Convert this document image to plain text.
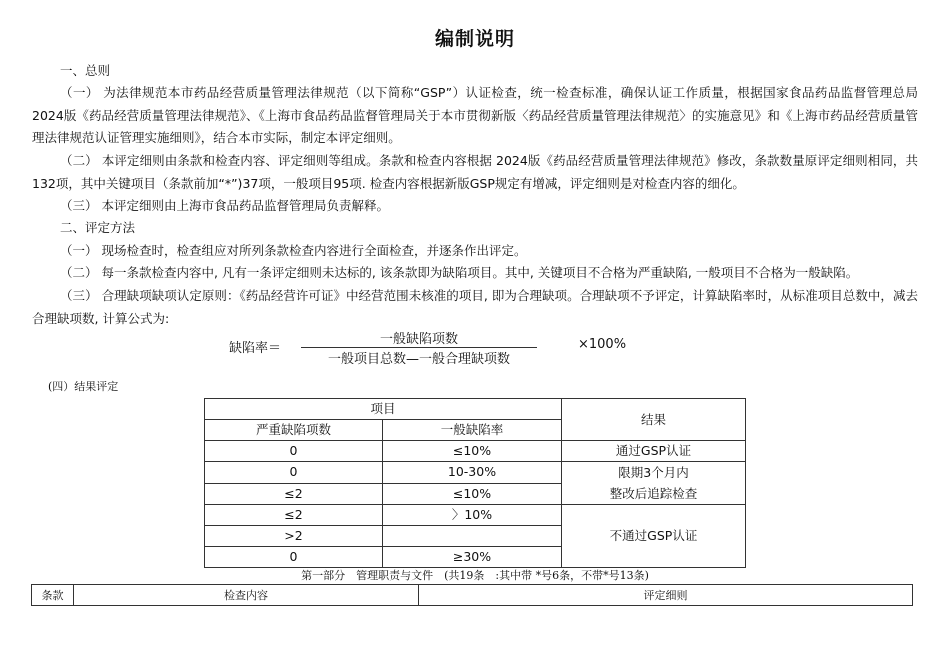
编制说明

一、总则

（一） 为法律规范本市药品经营质量管理法律规范（以下简称“GSP”）认证检查，统一检查标准，确保认证工作质量，根据国家食品药品监督管理总局2024版《药品经营质量管理法律规范》、《上海市食品药品监督管理局关于本市贯彻新版〈药品经营质量管理法律规范〉的实施意见》和《上海市药品经营质量管理法律规范认证管理实施细则》，结合本市实际，制定本评定细则。

（二） 本评定细则由条款和检查内容、评定细则等组成。条款和检查内容根据 2024版《药品经营质量管理法律规范》修改，条款数量原评定细则相同，共132项，其中关键项目（条款前加“*”)37项，一般项目95项. 检查内容根据新版GSP规定有增减，评定细则是对检查内容的细化。

（三） 本评定细则由上海市食品药品监督管理局负责解释。

二、评定方法

（一） 现场检查时，检查组应对所列条款检查内容进行全面检查，并逐条作出评定。

（二） 每一条款检查内容中, 凡有一条评定细则未达标的, 该条款即为缺陷项目。其中, 关键项目不合格为严重缺陷, 一般项目不合格为一般缺陷。

（三） 合理缺项缺项认定原则：《药品经营许可证》中经营范围未核准的项目, 即为合理缺项。合理缺项不予评定，计算缺陷率时，从标准项目总数中，减去合理缺项数, 计算公式为:

缺陷率＝
一般缺陷项数
一般项目总数—一般合理缺项数
×100%
(四）结果评定
项目		结果
严重缺陷项数	一般缺陷率	
0	≤10%	通过GSP认证
0	10-30%	限期3个月内
整改后追踪检查

≤2	≤10%	
≤2	〉10%	不通过GSP认证
>2		
0	≥30%	
第一部分　管理职责与文件　(共19条　:其中带 *号6条，不带*号13条)
条款	检查内容	评定细则
